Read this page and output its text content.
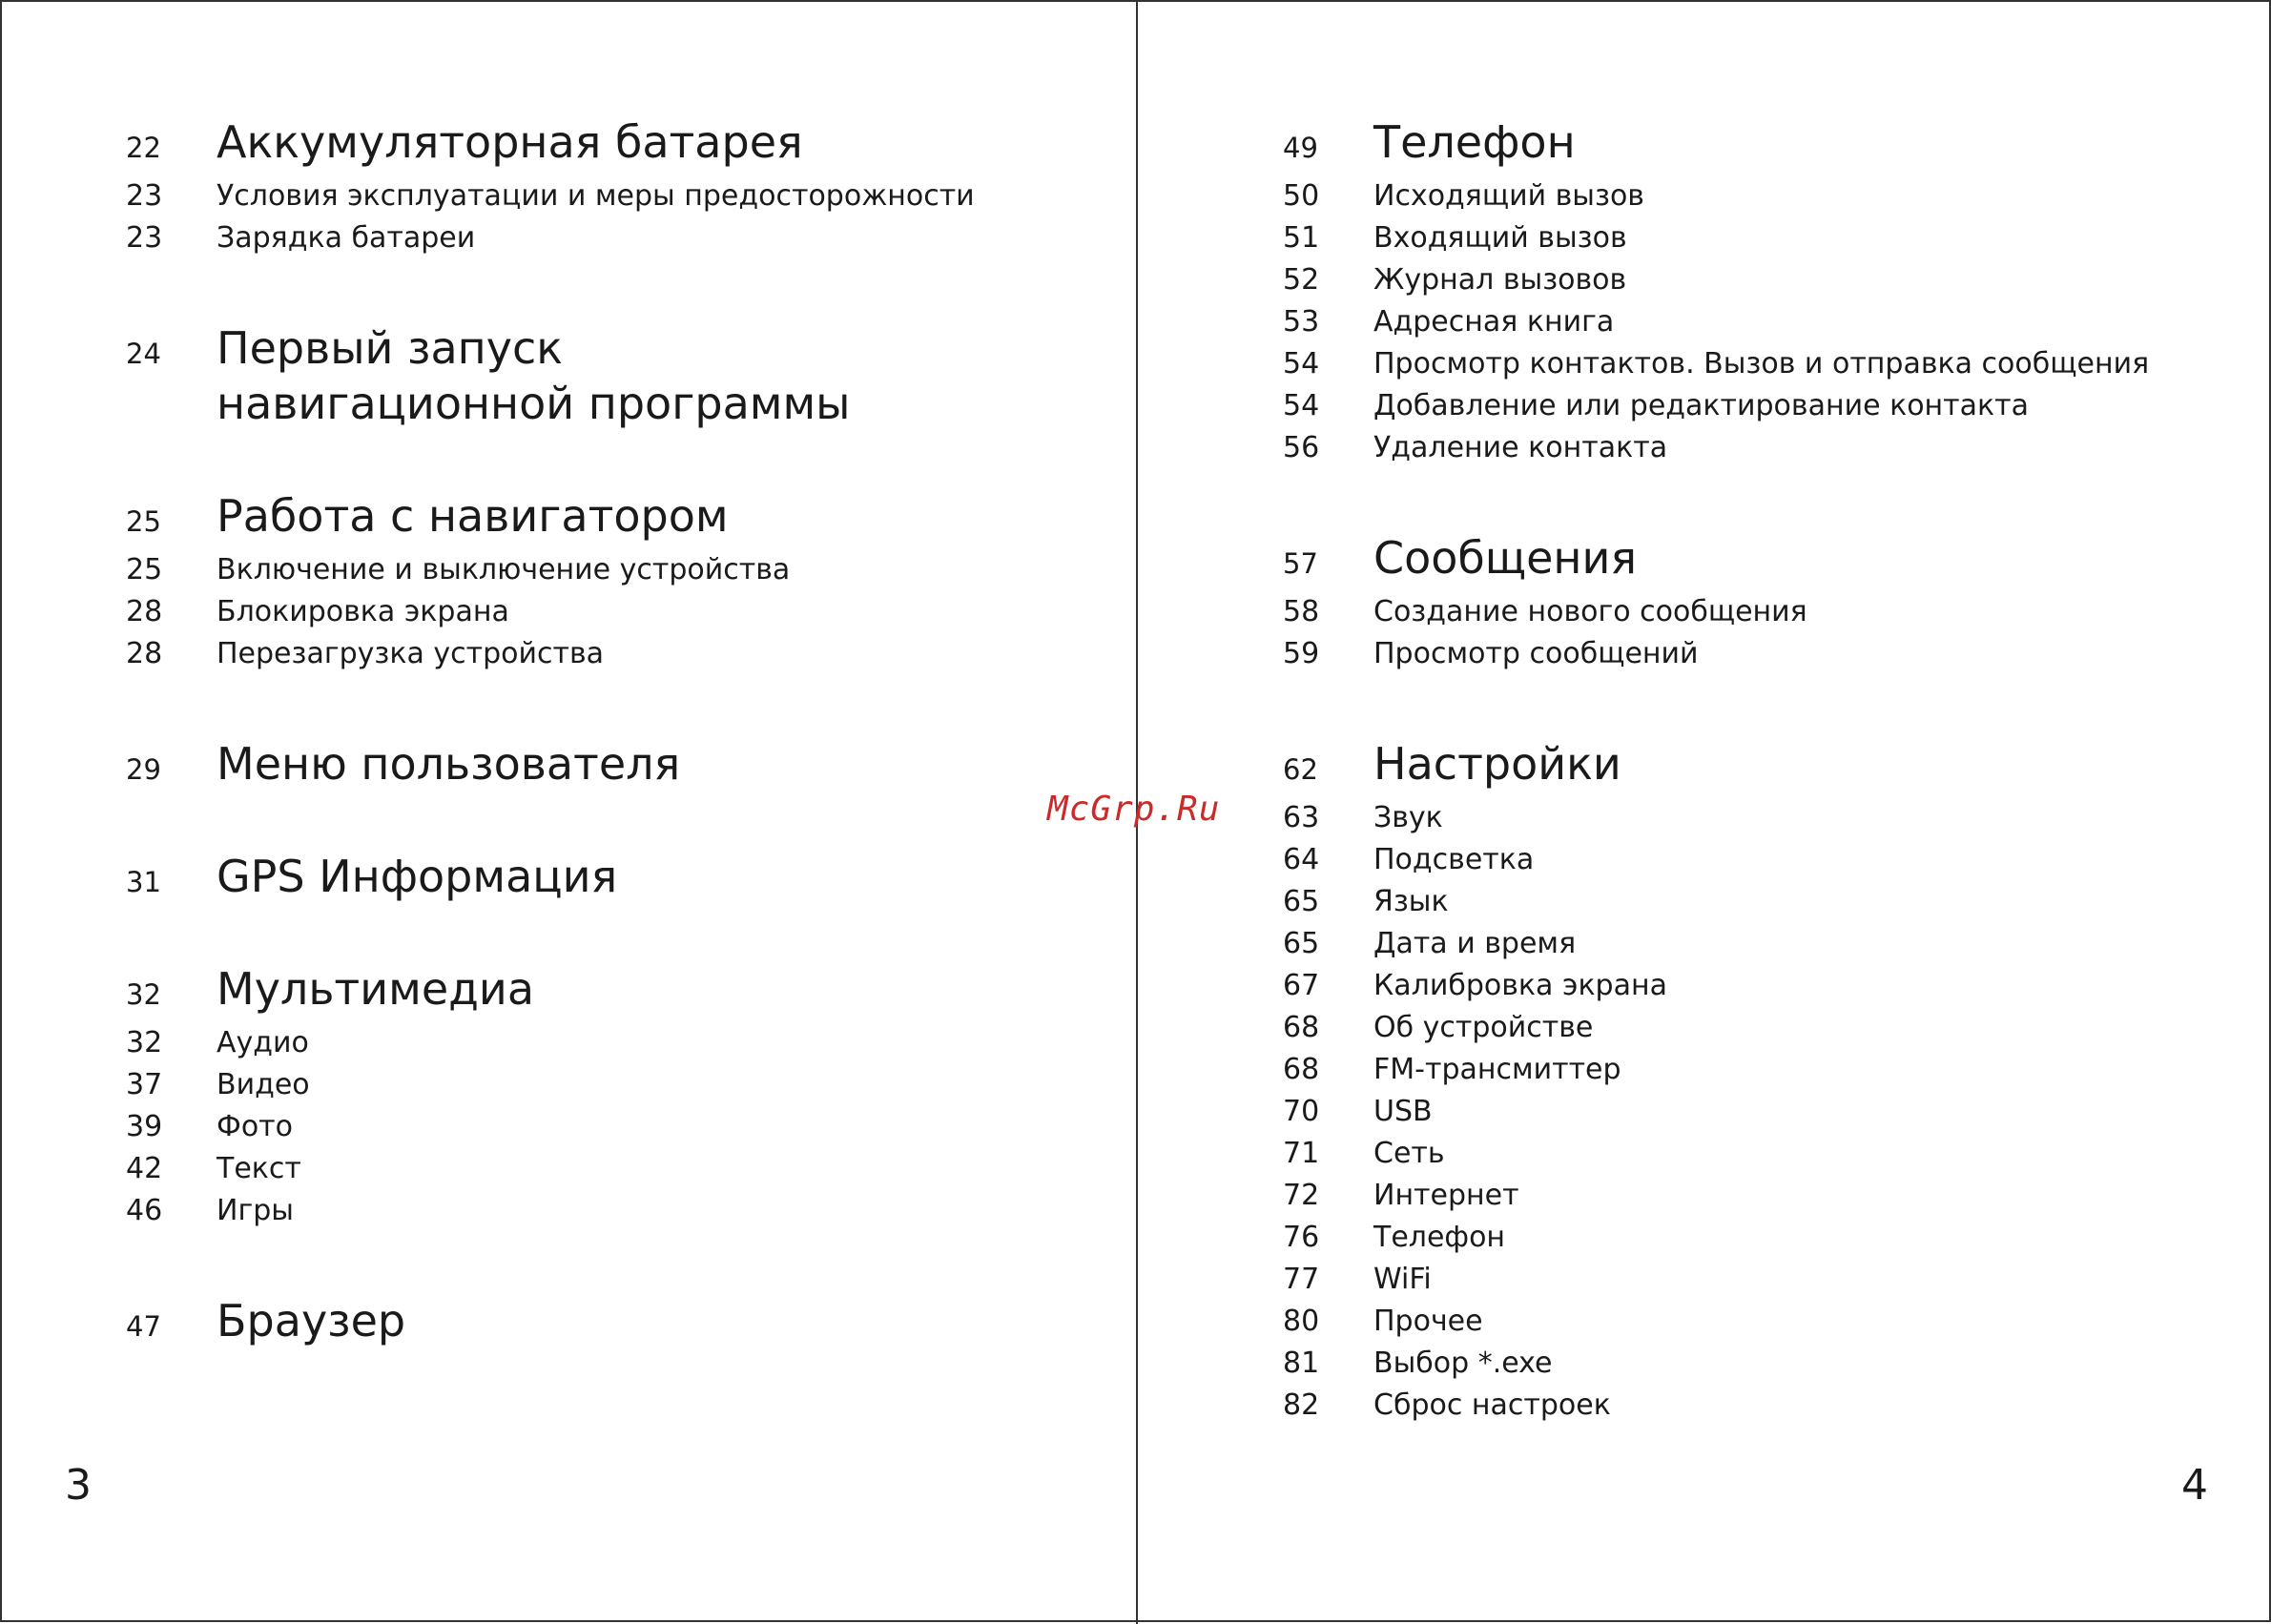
22	Аккумуляторная батарея
23	Условия эксплуатации и меры предосторожности
23	Зарядка батареи
24	Первый запуск навигационной программы
25	Работа с навигатором
25	Включение и выключение устройства
28	Блокировка экрана
28	Перезагрузка устройства
29	Меню пользователя
31	GPS Информация
32	Мультимедиа
32	Аудио
37	Видео
39	Фото
42	Текст
46	Игры
47	Браузер
3
49	Телефон
50	Исходящий вызов
51	Входящий вызов
52	Журнал вызовов
53	Адресная книга
54	Просмотр контактов. Вызов и отправка сообщения
54	Добавление или редактирование контакта
56	Удаление контакта
57	Сообщения
58	Создание нового сообщения
59	Просмотр сообщений
62	Настройки
63	Звук
64	Подсветка
65	Язык
65	Дата и время
67	Калибровка экрана
68	Об устройстве
68	FM-трансмиттер
70	USB
71	Сеть
72	Интернет
76	Телефон
77	WiFi
80	Прочее
81	Выбор *.exe
82	Сброс настроек
4
McGrp.Ru
